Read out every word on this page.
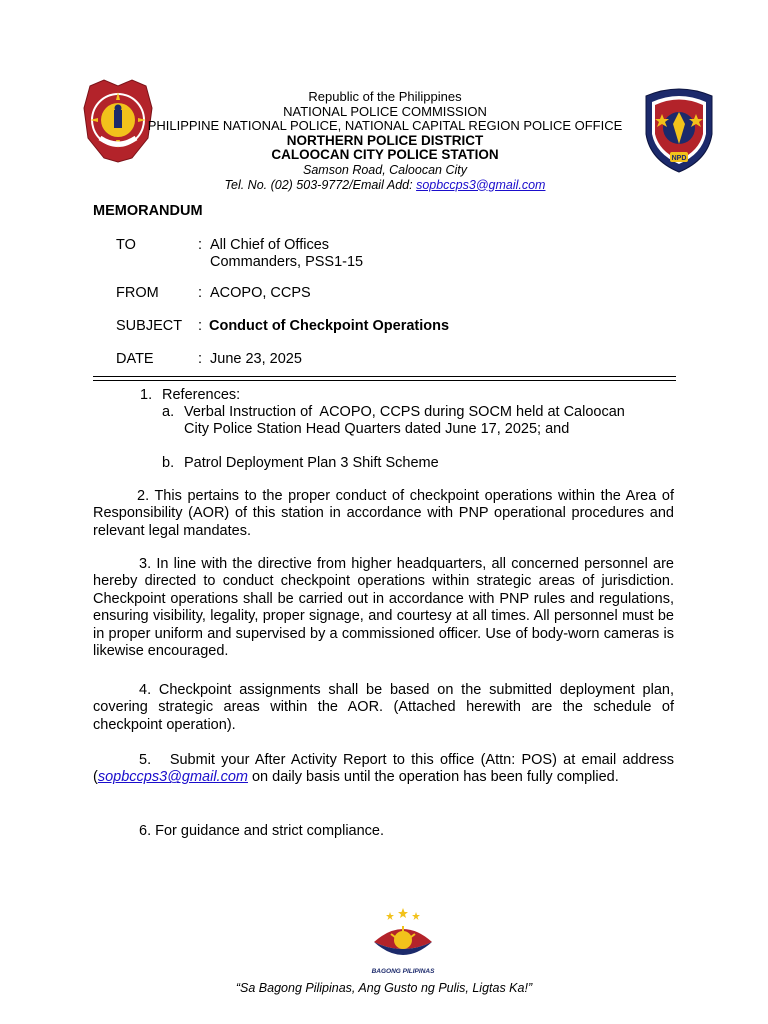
Republic of the Philippines
NATIONAL POLICE COMMISSION
PHILIPPINE NATIONAL POLICE, NATIONAL CAPITAL REGION POLICE OFFICE
NORTHERN POLICE DISTRICT
CALOOCAN CITY POLICE STATION
Samson Road, Caloocan City
Tel. No. (02) 503-9772/Email Add: sopbccps3@gmail.com
NPD
MEMORANDUM
TO	: All Chief of Offices
Commanders, PSS1-15
FROM	: ACOPO, CCPS
SUBJECT : Conduct of Checkpoint Operations
DATE	: June 23, 2025
1. References:
a. Verbal Instruction of  ACOPO, CCPS during SOCM held at Caloocan
City Police Station Head Quarters dated June 17, 2025; and
b. Patrol Deployment Plan 3 Shift Scheme
2. This pertains to the proper conduct of checkpoint operations within the Area of Responsibility (AOR) of this station in accordance with PNP operational procedures and relevant legal mandates.
3. In line with the directive from higher headquarters, all concerned personnel are hereby directed to conduct checkpoint operations within strategic areas of jurisdiction. Checkpoint operations shall be carried out in accordance with PNP rules and regulations, ensuring visibility, legality, proper signage, and courtesy at all times. All personnel must be in proper uniform and supervised by a commissioned officer. Use of body-worn cameras is likewise encouraged.
4. Checkpoint assignments shall be based on the submitted deployment plan, covering strategic areas within the AOR. (Attached herewith are the schedule of checkpoint operation).
5.   Submit your After Activity Report to this office (Attn: POS) at email address (sopbccps3@gmail.com on daily basis until the operation has been fully complied.
6. For guidance and strict compliance.
BAGONG PILIPINAS
“Sa Bagong Pilipinas, Ang Gusto ng Pulis, Ligtas Ka!”
